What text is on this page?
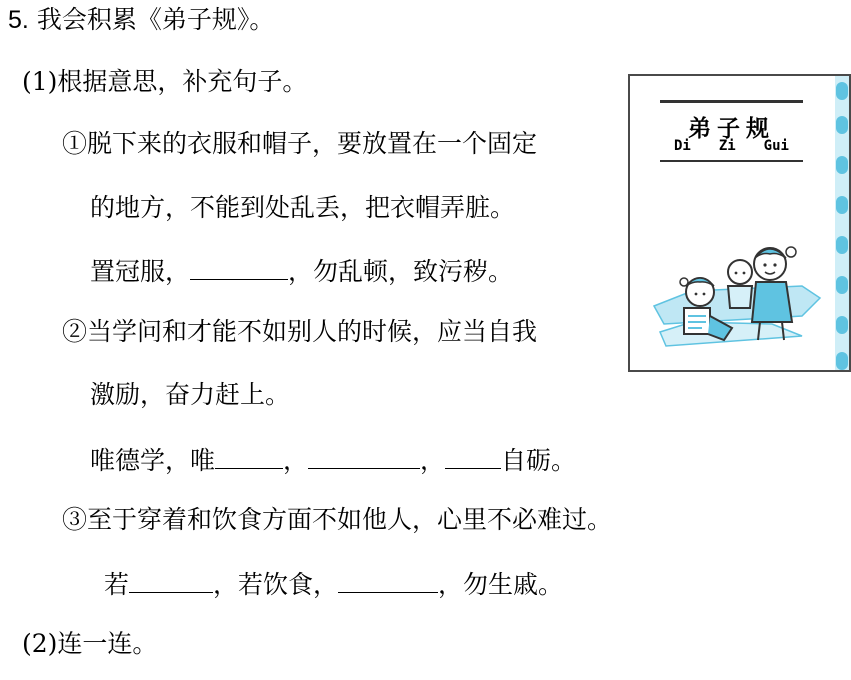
5. 我会积累《弟子规》。
(1)根据意思，补充句子。
①脱下来的衣服和帽子，要放置在一个固定
的地方，不能到处乱丢，把衣帽弄脏。
置冠服，	，勿乱顿，致污秽。
②当学问和才能不如别人的时候，应当自我
激励，奋力赶上。
唯德学，唯	，	， 自砺。
③至于穿着和饮食方面不如他人，心里不必难过。
若	，若饮食，	，勿生戚。
(2)连一连。
弟子规
Di Zi Gui
